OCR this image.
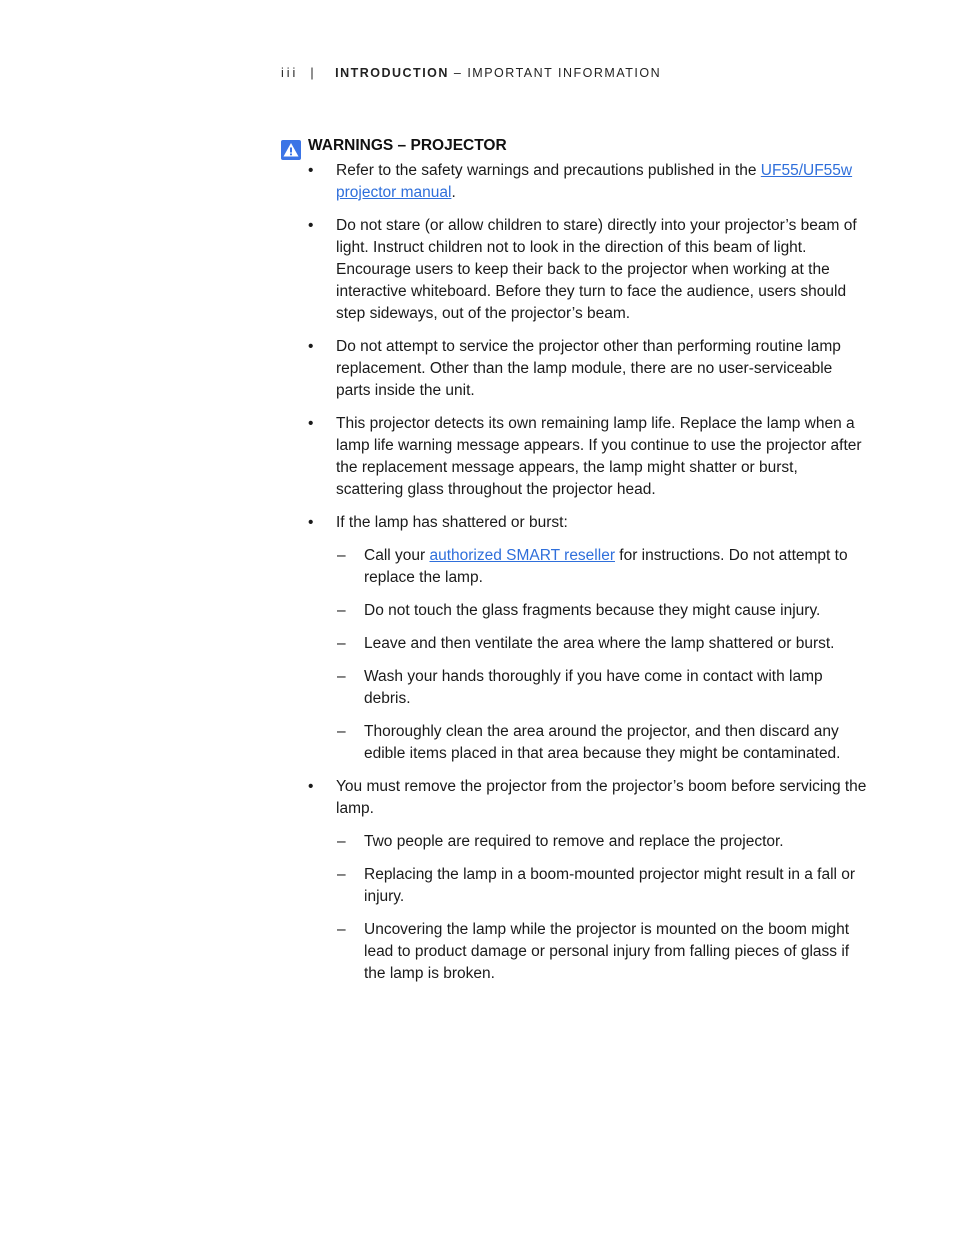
iii | INTRODUCTION – IMPORTANT INFORMATION
WARNINGS – PROJECTOR
•	Refer to the safety warnings and precautions published in the UF55/UF55w projector manual.
•	Do not stare (or allow children to stare) directly into your projector’s beam of light. Instruct children not to look in the direction of this beam of light. Encourage users to keep their back to the projector when working at the interactive whiteboard. Before they turn to face the audience, users should step sideways, out of the projector’s beam.
•	Do not attempt to service the projector other than performing routine lamp replacement. Other than the lamp module, there are no user-serviceable parts inside the unit.
•	This projector detects its own remaining lamp life. Replace the lamp when a lamp life warning message appears. If you continue to use the projector after the replacement message appears, the lamp might shatter or burst, scattering glass throughout the projector head.
•	If the lamp has shattered or burst:
– Call your authorized SMART reseller for instructions. Do not attempt to replace the lamp.
– Do not touch the glass fragments because they might cause injury.
– Leave and then ventilate the area where the lamp shattered or burst.
– Wash your hands thoroughly if you have come in contact with lamp debris.
– Thoroughly clean the area around the projector, and then discard any edible items placed in that area because they might be contaminated.
•	You must remove the projector from the projector’s boom before servicing the lamp.
– Two people are required to remove and replace the projector.
– Replacing the lamp in a boom-mounted projector might result in a fall or injury.
– Uncovering the lamp while the projector is mounted on the boom might lead to product damage or personal injury from falling pieces of glass if the lamp is broken.
